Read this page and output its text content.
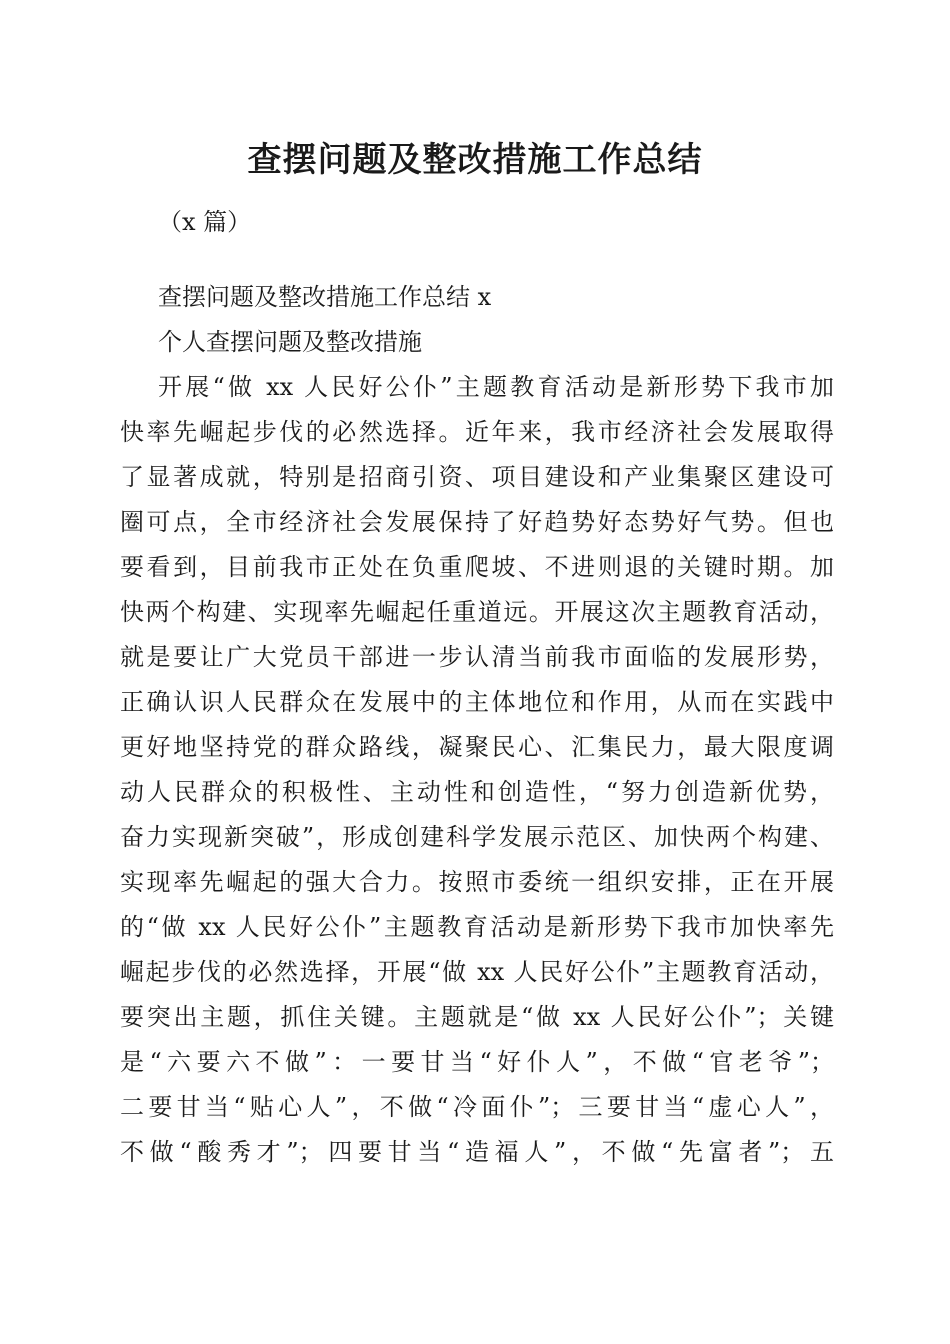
查摆问题及整改措施工作总结
（x 篇）
查摆问题及整改措施工作总结 x
个人查摆问题及整改措施
开展“做 xx 人民好公仆”主题教育活动是新形势下我市加
快率先崛起步伐的必然选择。近年来，我市经济社会发展取得
了显著成就，特别是招商引资、项目建设和产业集聚区建设可
圈可点，全市经济社会发展保持了好趋势好态势好气势。但也
要看到，目前我市正处在负重爬坡、不进则退的关键时期。加
快两个构建、实现率先崛起任重道远。开展这次主题教育活动，
就是要让广大党员干部进一步认清当前我市面临的发展形势，
正确认识人民群众在发展中的主体地位和作用，从而在实践中
更好地坚持党的群众路线，凝聚民心、汇集民力，最大限度调
动人民群众的积极性、主动性和创造性，“努力创造新优势，
奋力实现新突破”，形成创建科学发展示范区、加快两个构建、
实现率先崛起的强大合力。按照市委统一组织安排，正在开展
的“做 xx 人民好公仆”主题教育活动是新形势下我市加快率先
崛起步伐的必然选择，开展“做 xx 人民好公仆”主题教育活动，
要突出主题，抓住关键。主题就是“做 xx 人民好公仆”；关键
是“六要六不做”：一要甘当“好仆人”，不做“官老爷”；
二要甘当“贴心人”，不做“冷面仆”；三要甘当“虚心人”，
不做“酸秀才”；四要甘当“造福人”，不做“先富者”；五
